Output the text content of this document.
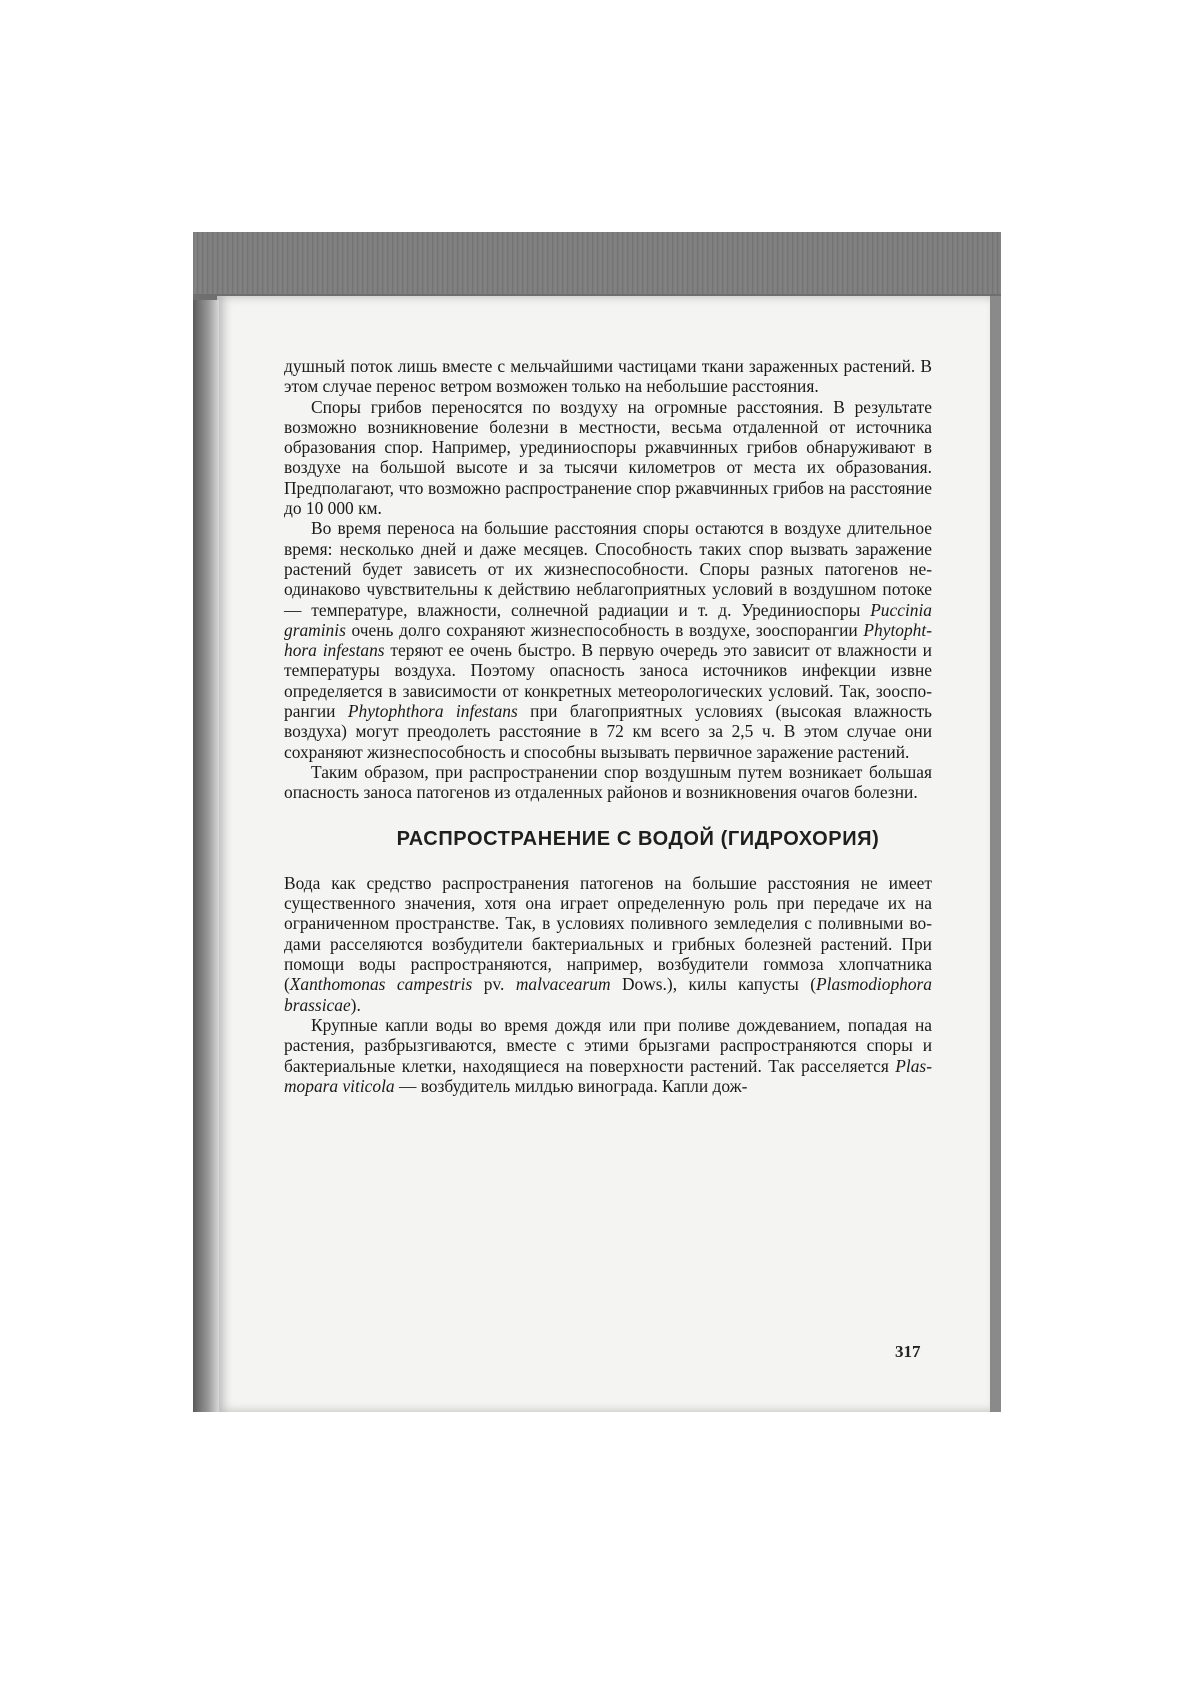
душный поток лишь вместе с мельчайшими частицами ткани зараженных растений. В этом случае перенос ветром возможен только на небольшие расстояния.

Споры грибов переносятся по воздуху на огромные расстояния. В результате возможно возникновение болезни в местности, весьма отдаленной от источника образования спор. Например, урединиоспоры ржавчинных грибов обнаруживают в воздухе на большой высоте и за тысячи километров от места их образования. Предполагают, что возможно распространение спор ржавчинных грибов на расстояние до 10 000 км.

Во время переноса на большие расстояния споры остаются в воздухе длительное время: несколько дней и даже месяцев. Способность таких спор вызвать заражение растений будет зависеть от их жизнеспособности. Споры разных патогенов неодинаково чувствительны к действию неблагоприятных условий в воздушном потоке — температуре, влажности, солнечной радиации и т. д. Урединиоспоры Puccinia graminis очень долго сохраняют жизнеспособность в воздухе, зооспорангии Phytophthora infestans теряют ее очень быстро. В первую очередь это зависит от влажности и температуры воздуха. Поэтому опасность заноса источников инфекции извне определяется в зависимости от конкретных метеорологических условий. Так, зооспорангии Phytophthora infestans при благоприятных условиях (высокая влажность воздуха) могут преодолеть расстояние в 72 км всего за 2,5 ч. В этом случае они сохраняют жизнеспособность и способны вызывать первичное заражение растений.

Таким образом, при распространении спор воздушным путем возникает большая опасность заноса патогенов из отдаленных районов и возникновения очагов болезни.

РАСПРОСТРАНЕНИЕ С ВОДОЙ (ГИДРОХОРИЯ)

Вода как средство распространения патогенов на большие расстояния не имеет существенного значения, хотя она играет определенную роль при передаче их на ограниченном пространстве. Так, в условиях поливного земледелия с поливными водами расселяются возбудители бактериальных и грибных болезней растений. При помощи воды распространяются, например, возбудители гоммоза хлопчатника (Xanthomonas campestris pv. malvacearum Dows.), килы капусты (Plasmodiophora brassicae).

Крупные капли воды во время дождя или при поливе дождеванием, попадая на растения, разбрызгиваются, вместе с этими брызгами распространяются споры и бактериальные клетки, находящиеся на поверхности растений. Так расселяется Plasmopara viticola — возбудитель милдью винограда. Капли дож-

317
